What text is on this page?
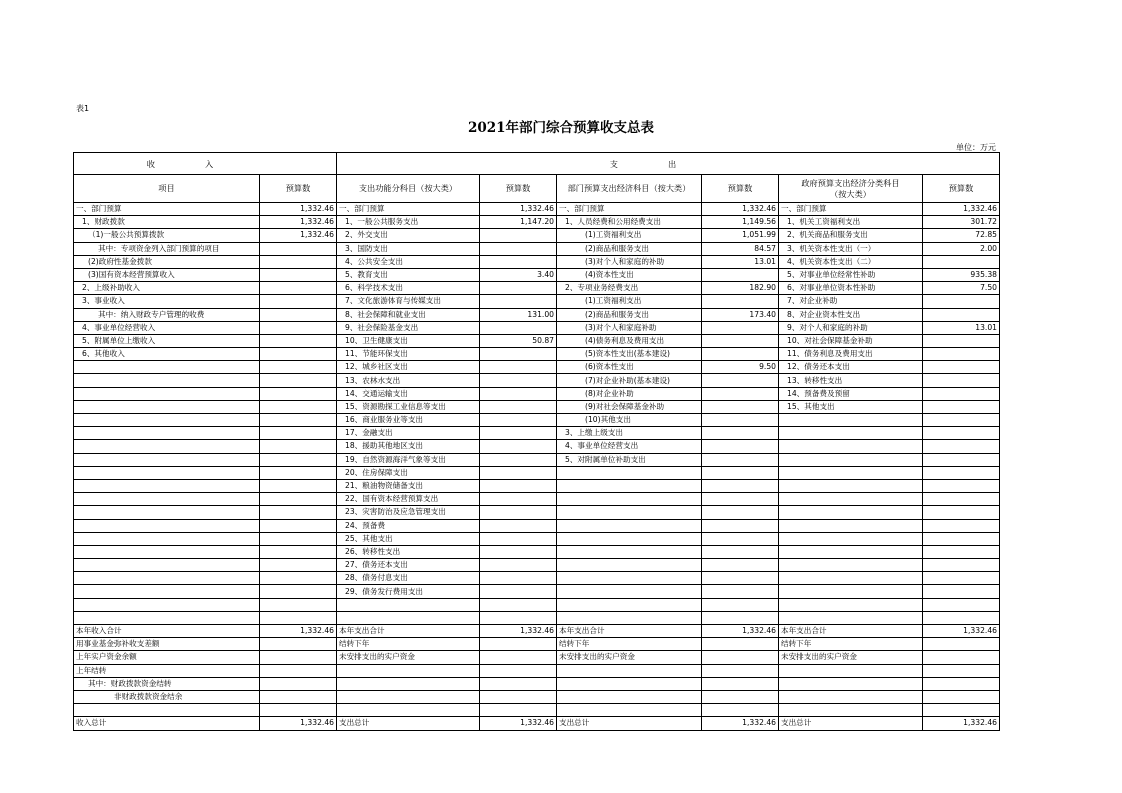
表1
2021年部门综合预算收支总表
单位：万元
收入		支出					
项目	预算数	支出功能分科目（按大类）	预算数	部门预算支出经济科目（按大类）	预算数	政府预算支出经济分类科目
（按大类）	预算数
一、部门预算	1,332.46	一、部门预算	1,332.46	一、部门预算	1,332.46	一、部门预算	1,332.46
1、财政拨款	1,332.46	1、一般公共服务支出	1,147.20	1、人员经费和公用经费支出	1,149.56	1、机关工资福利支出	301.72
（1)一般公共预算拨款	1,332.46	2、外交支出		(1)工资福利支出	1,051.99	2、机关商品和服务支出	72.85
其中：专项资金列入部门预算的项目		3、国防支出		(2)商品和服务支出	84.57	3、机关资本性支出（一）	2.00
(2)政府性基金拨款		4、公共安全支出		(3)对个人和家庭的补助	13.01	4、机关资本性支出（二）	
(3)国有资本经营预算收入		5、教育支出	3.40	(4)资本性支出		5、对事业单位经常性补助	935.38
2、上级补助收入		6、科学技术支出		2、专项业务经费支出	182.90	6、对事业单位资本性补助	7.50
3、事业收入		7、文化旅游体育与传媒支出		(1)工资福利支出		7、对企业补助	
其中：纳入财政专户管理的收费		8、社会保障和就业支出	131.00	(2)商品和服务支出	173.40	8、对企业资本性支出	
4、事业单位经营收入		9、社会保险基金支出		(3)对个人和家庭补助		9、对个人和家庭的补助	13.01
5、附属单位上缴收入		10、卫生健康支出	50.87	(4)债务利息及费用支出		10、对社会保障基金补助	
6、其他收入		11、节能环保支出		(5)资本性支出(基本建设)		11、债务利息及费用支出	
		12、城乡社区支出		(6)资本性支出	9.50	12、债务还本支出	
		13、农林水支出		(7)对企业补助(基本建设)		13、转移性支出	
		14、交通运输支出		(8)对企业补助		14、预备费及预留	
		15、资源勘探工业信息等支出		(9)对社会保障基金补助		15、其他支出	
		16、商业服务业等支出		(10)其他支出			
		17、金融支出		3、上缴上级支出			
		18、援助其他地区支出		4、事业单位经营支出			
		19、自然资源海洋气象等支出		5、对附属单位补助支出			
		20、住房保障支出					
		21、粮油物资储备支出					
		22、国有资本经营预算支出					
		23、灾害防治及应急管理支出					
		24、预备费					
		25、其他支出					
		26、转移性支出					
		27、债务还本支出					
		28、债务付息支出					
		29、债务发行费用支出					

本年收入合计	1,332.46	本年支出合计	1,332.46	本年支出合计	1,332.46	本年支出合计	1,332.46
用事业基金弥补收支差额		结转下年		结转下年		结转下年	
上年实户资金余额		未安排支出的实户资金		未安排支出的实户资金		未安排支出的实户资金	
上年结转							
其中：财政拨款资金结转							
非财政拨款资金结余							

收入总计	1,332.46	支出总计	1,332.46	支出总计	1,332.46	支出总计	1,332.46
